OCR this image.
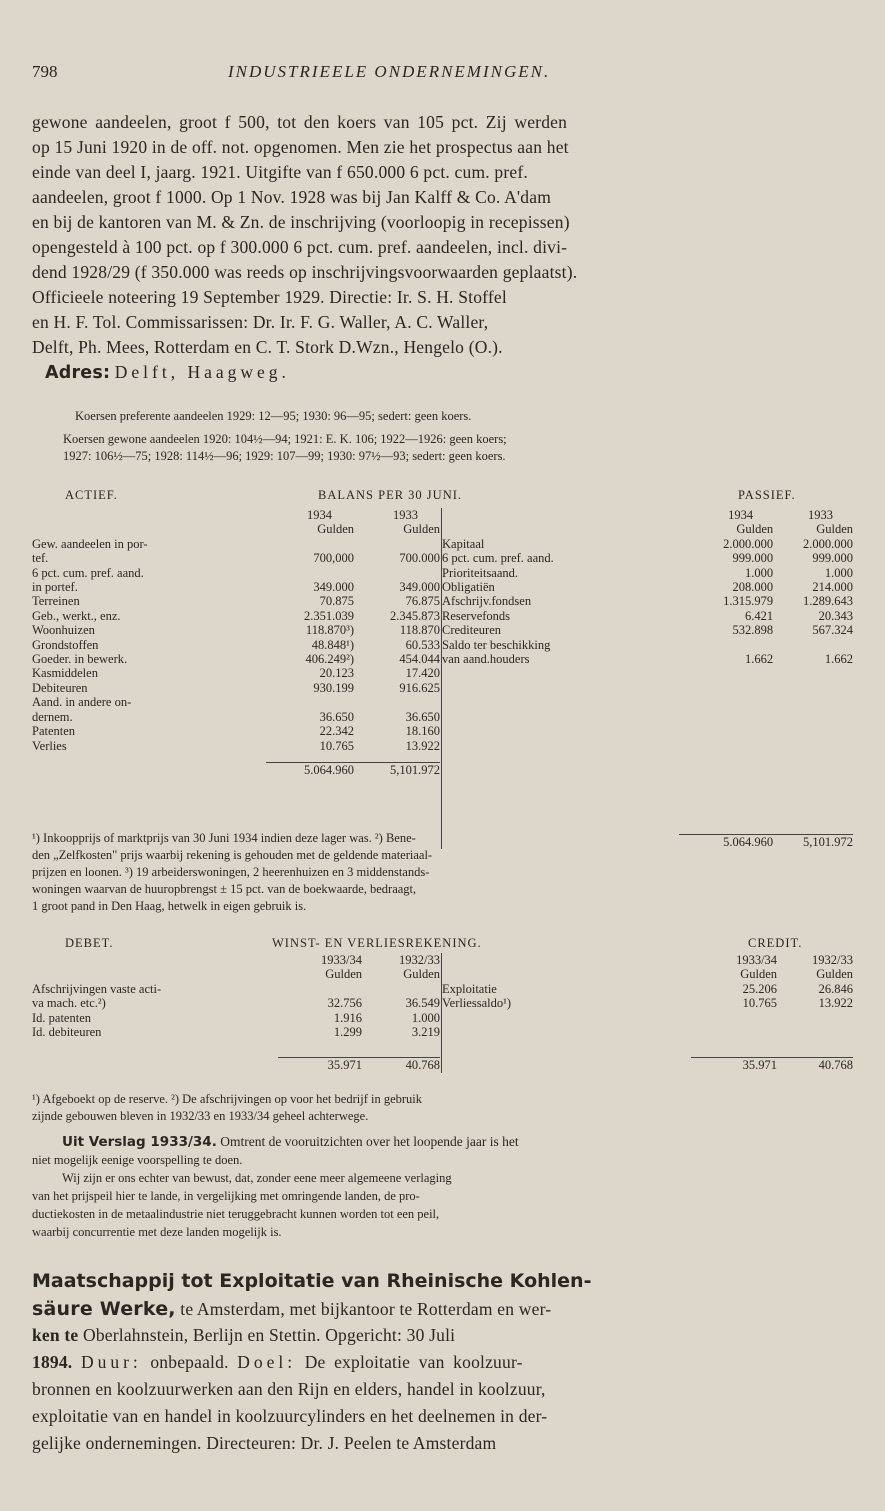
798	INDUSTRIEELE ONDERNEMINGEN.
gewone aandeelen, groot f 500, tot den koers van 105 pct. Zij werden
op 15 Juni 1920 in de off. not. opgenomen. Men zie het prospectus aan het
einde van deel I, jaarg. 1921. Uitgifte van f 650.000 6 pct. cum. pref.
aandeelen, groot f 1000. Op 1 Nov. 1928 was bij Jan Kalff & Co. A'dam
en bij de kantoren van M. & Zn. de inschrijving (voorloopig in recepissen)
opengesteld à 100 pct. op f 300.000 6 pct. cum. pref. aandeelen, incl. divi-
dend 1928/29 (f 350.000 was reeds op inschrijvingsvoorwaarden geplaatst).
Officieele noteering 19 September 1929. Directie: Ir. S. H. Stoffel
en H. F. Tol. Commissarissen: Dr. Ir. F. G. Waller, A. C. Waller,
Delft, Ph. Mees, Rotterdam en C. T. Stork D.Wzn., Hengelo (O.).
Adres: Delft, Haagweg.
Koersen preferente aandeelen 1929: 12—95; 1930: 96—95; sedert: geen koers.
Koersen gewone aandeelen 1920: 104½—94; 1921: E. K. 106; 1922—1926: geen koers;
1927: 106½—75; 1928: 114½—96; 1929: 107—99; 1930: 97½—93; sedert: geen koers.
ACTIEF.	BALANS PER 30 JUNI.	PASSIEF.
	1934	1933
	Gulden	Gulden
Gew. aandeelen in por-		
tef.	700,000	700.000
6 pct. cum. pref. aand.		
in portef.	349.000	349.000
Terreinen	70.875	76.875
Geb., werkt., enz.	2.351.039	2.345.873
Woonhuizen	118.870³)	118.870
Grondstoffen	48.848¹)	60.533
Goeder. in bewerk.	406.249²)	454.044
Kasmiddelen	20.123	17.420
Debiteuren	930.199	916.625
Aand. in andere on-		
dernem.	36.650	36.650
Patenten	22.342	18.160
Verlies	10.765	13.922

	5.064.960	5,101.972
	1934	1933
	Gulden	Gulden
Kapitaal	2.000.000	2.000.000
6 pct. cum. pref. aand.	999.000	999.000
Prioriteitsaand.	1.000	1.000
Obligatiën	208.000	214.000
Afschrijv.fondsen	1.315.979	1.289.643
Reservefonds	6.421	20.343
Crediteuren	532.898	567.324
Saldo ter beschikking		
van aand.houders	1.662	1.662

	5.064.960	5,101.972
¹) Inkoopprijs of marktprijs van 30 Juni 1934 indien deze lager was. ²) Bene-
den „Zelfkosten" prijs waarbij rekening is gehouden met de geldende materiaal-
prijzen en loonen. ³) 19 arbeiderswoningen, 2 heerenhuizen en 3 middenstands-
woningen waarvan de huuropbrengst ± 15 pct. van de boekwaarde, bedraagt,
1 groot pand in Den Haag, hetwelk in eigen gebruik is.
DEBET.	WINST- EN VERLIESREKENING.	CREDIT.
	1933/34	1932/33
	Gulden	Gulden
Afschrijvingen vaste acti-		
va mach. etc.²)	32.756	36.549
Id. patenten	1.916	1.000
Id. debiteuren	1.299	3.219

	35.971	40.768
	1933/34	1932/33
	Gulden	Gulden
Exploitatie	25.206	26.846
Verliessaldo¹)	10.765	13.922

	35.971	40.768
¹) Afgeboekt op de reserve. ²) De afschrijvingen op voor het bedrijf in gebruik
zijnde gebouwen bleven in 1932/33 en 1933/34 geheel achterwege.
Uit Verslag 1933/34. Omtrent de vooruitzichten over het loopende jaar is het
niet mogelijk eenige voorspelling te doen.
Wij zijn er ons echter van bewust, dat, zonder eene meer algemeene verlaging
van het prijspeil hier te lande, in vergelijking met omringende landen, de pro-
ductiekosten in de metaalindustrie niet teruggebracht kunnen worden tot een peil,
waarbij concurrentie met deze landen mogelijk is.
Maatschappij tot Exploitatie van Rheinische Kohlen-
säure Werke, te Amsterdam, met bijkantoor te Rotterdam en wer-
ken te Oberlahnstein, Berlijn en Stettin. Opgericht: 30 Juli
1894. Duur: onbepaald. Doel: De exploitatie van koolzuur-
bronnen en koolzuurwerken aan den Rijn en elders, handel in koolzuur,
exploitatie van en handel in koolzuurcylinders en het deelnemen in der-
gelijke ondernemingen. Directeuren: Dr. J. Peelen te Amsterdam
